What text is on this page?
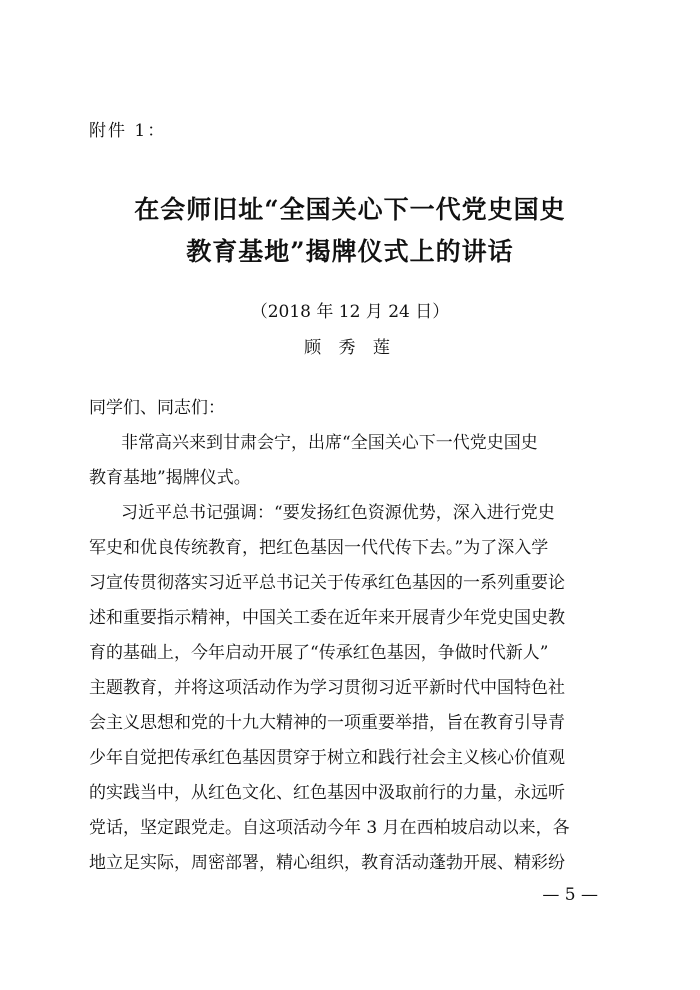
附件 1：
在会师旧址“全国关心下一代党史国史
教育基地”揭牌仪式上的讲话
（2018 年 12 月 24 日）
顾 秀 莲
同学们、同志们：
非常高兴来到甘肃会宁，出席“全国关心下一代党史国史
教育基地”揭牌仪式。
习近平总书记强调：“要发扬红色资源优势，深入进行党史
军史和优良传统教育，把红色基因一代代传下去。”为了深入学
习宣传贯彻落实习近平总书记关于传承红色基因的一系列重要论
述和重要指示精神，中国关工委在近年来开展青少年党史国史教
育的基础上，今年启动开展了“传承红色基因，争做时代新人”
主题教育，并将这项活动作为学习贯彻习近平新时代中国特色社
会主义思想和党的十九大精神的一项重要举措，旨在教育引导青
少年自觉把传承红色基因贯穿于树立和践行社会主义核心价值观
的实践当中，从红色文化、红色基因中汲取前行的力量，永远听
党话，坚定跟党走。自这项活动今年 3 月在西柏坡启动以来，各
地立足实际，周密部署，精心组织，教育活动蓬勃开展、精彩纷
— 5 —
